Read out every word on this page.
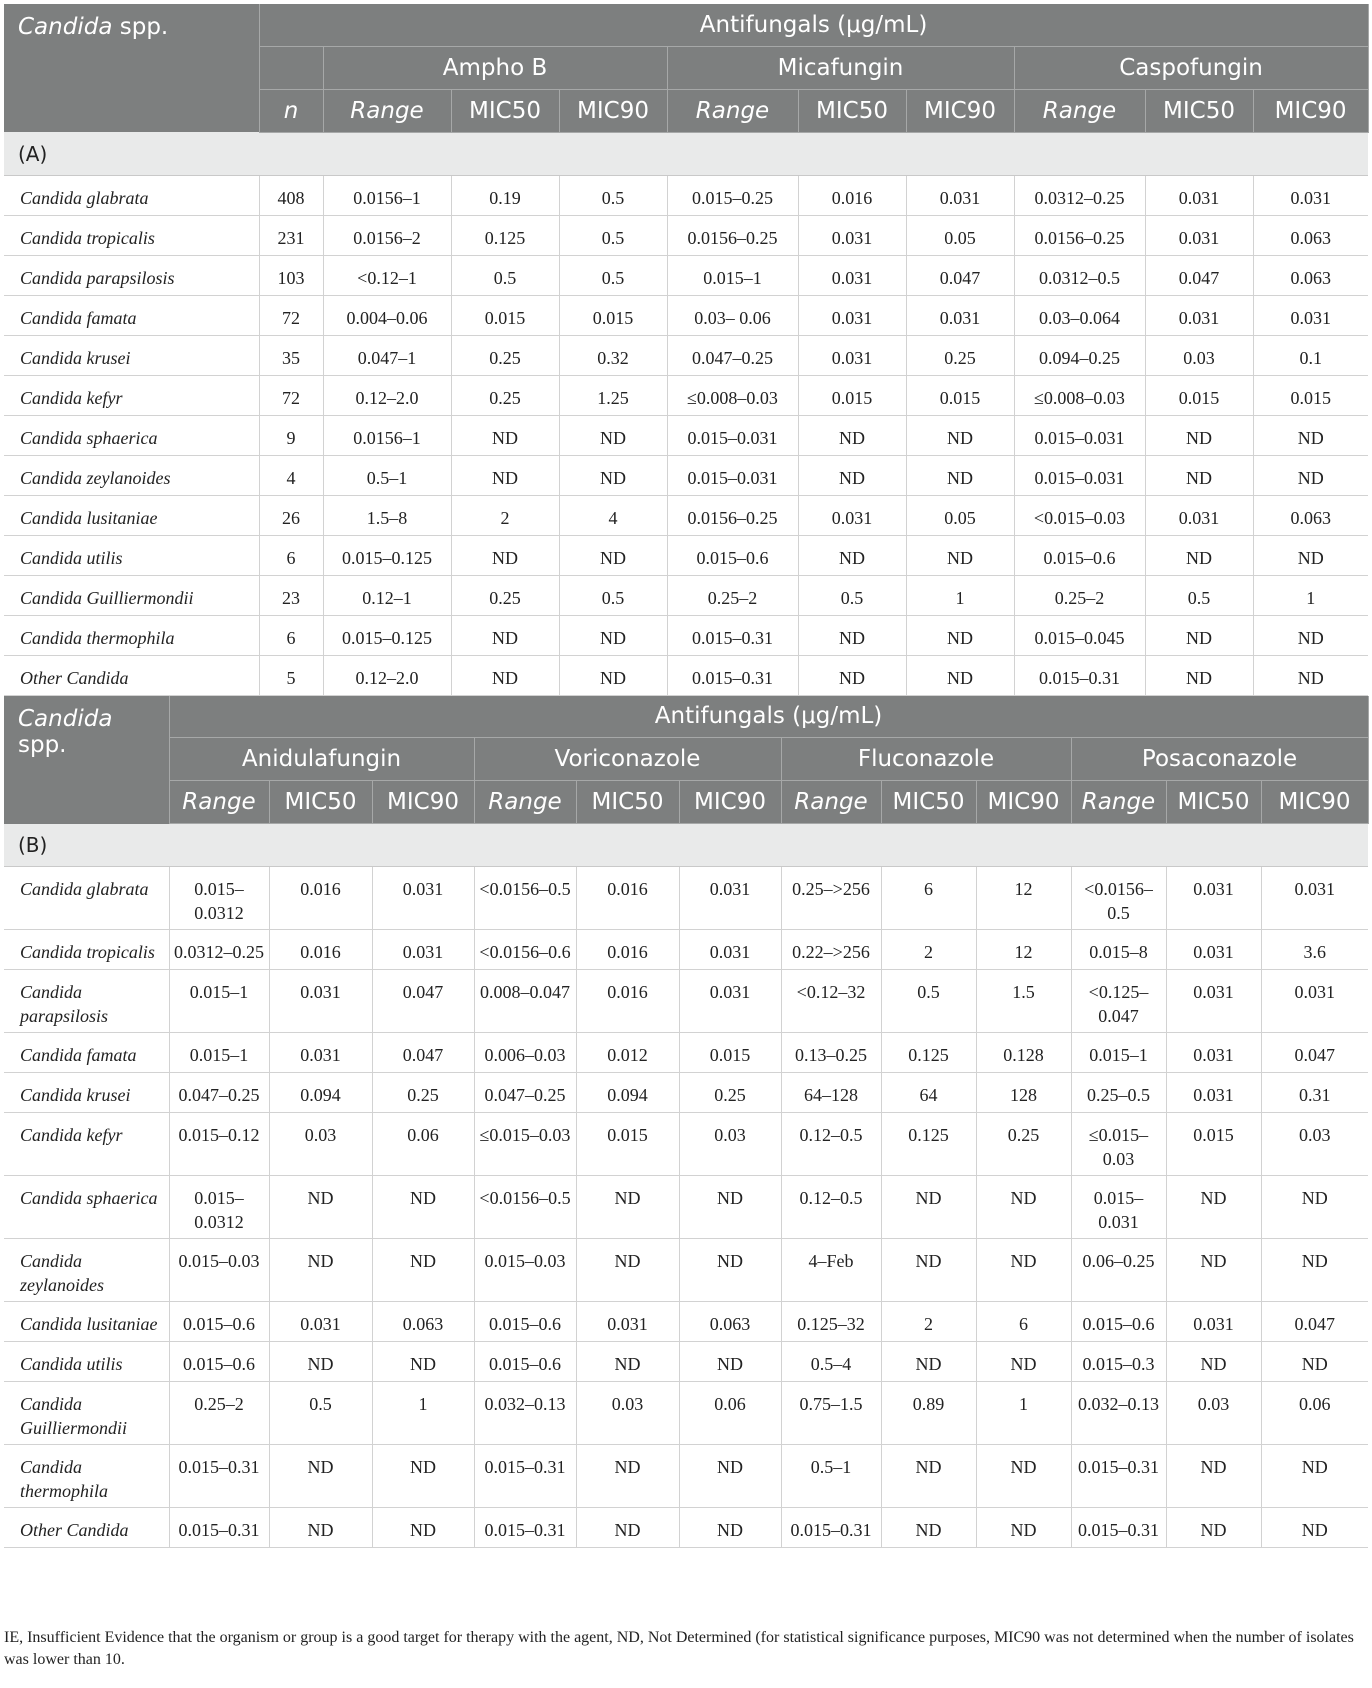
Candida spp.	Antifungals (μg/mL)									
		Ampho B			Micafungin			Caspofungin		
	n	Range	MIC50	MIC90	Range	MIC50	MIC90	Range	MIC50	MIC90
(A)										
Candida glabrata	408	0.0156–1	0.19	0.5	0.015–0.25	0.016	0.031	0.0312–0.25	0.031	0.031
Candida tropicalis	231	0.0156–2	0.125	0.5	0.0156–0.25	0.031	0.05	0.0156–0.25	0.031	0.063
Candida parapsilosis	103	<0.12–1	0.5	0.5	0.015–1	0.031	0.047	0.0312–0.5	0.047	0.063
Candida famata	72	0.004–0.06	0.015	0.015	0.03– 0.06	0.031	0.031	0.03–0.064	0.031	0.031
Candida krusei	35	0.047–1	0.25	0.32	0.047–0.25	0.031	0.25	0.094–0.25	0.03	0.1
Candida kefyr	72	0.12–2.0	0.25	1.25	≤0.008–0.03	0.015	0.015	≤0.008–0.03	0.015	0.015
Candida sphaerica	9	0.0156–1	ND	ND	0.015–0.031	ND	ND	0.015–0.031	ND	ND
Candida zeylanoides	4	0.5–1	ND	ND	0.015–0.031	ND	ND	0.015–0.031	ND	ND
Candida lusitaniae	26	1.5–8	2	4	0.0156–0.25	0.031	0.05	<0.015–0.03	0.031	0.063
Candida utilis	6	0.015–0.125	ND	ND	0.015–0.6	ND	ND	0.015–0.6	ND	ND
Candida Guilliermondii	23	0.12–1	0.25	0.5	0.25–2	0.5	1	0.25–2	0.5	1
Candida thermophila	6	0.015–0.125	ND	ND	0.015–0.31	ND	ND	0.015–0.045	ND	ND
Other Candida	5	0.12–2.0	ND	ND	0.015–0.31	ND	ND	0.015–0.31	ND	ND
Candida spp.	Antifungals (μg/mL)											
	Anidulafungin			Voriconazole			Fluconazole			Posaconazole		
	Range	MIC50	MIC90	Range	MIC50	MIC90	Range	MIC50	MIC90	Range	MIC50	MIC90
(B)												
Candida glabrata	0.015–0.0312	0.016	0.031	<0.0156–0.5	0.016	0.031	0.25–>256	6	12	<0.0156–0.5	0.031	0.031
Candida tropicalis	0.0312–0.25	0.016	0.031	<0.0156–0.6	0.016	0.031	0.22–>256	2	12	0.015–8	0.031	3.6
Candida parapsilosis	0.015–1	0.031	0.047	0.008–0.047	0.016	0.031	<0.12–32	0.5	1.5	<0.125–0.047	0.031	0.031
Candida famata	0.015–1	0.031	0.047	0.006–0.03	0.012	0.015	0.13–0.25	0.125	0.128	0.015–1	0.031	0.047
Candida krusei	0.047–0.25	0.094	0.25	0.047–0.25	0.094	0.25	64–128	64	128	0.25–0.5	0.031	0.31
Candida kefyr	0.015–0.12	0.03	0.06	≤0.015–0.03	0.015	0.03	0.12–0.5	0.125	0.25	≤0.015–0.03	0.015	0.03
Candida sphaerica	0.015–0.0312	ND	ND	<0.0156–0.5	ND	ND	0.12–0.5	ND	ND	0.015–0.031	ND	ND
Candida zeylanoides	0.015–0.03	ND	ND	0.015–0.03	ND	ND	4–Feb	ND	ND	0.06–0.25	ND	ND
Candida lusitaniae	0.015–0.6	0.031	0.063	0.015–0.6	0.031	0.063	0.125–32	2	6	0.015–0.6	0.031	0.047
Candida utilis	0.015–0.6	ND	ND	0.015–0.6	ND	ND	0.5–4	ND	ND	0.015–0.3	ND	ND
Candida Guilliermondii	0.25–2	0.5	1	0.032–0.13	0.03	0.06	0.75–1.5	0.89	1	0.032–0.13	0.03	0.06
Candida thermophila	0.015–0.31	ND	ND	0.015–0.31	ND	ND	0.5–1	ND	ND	0.015–0.31	ND	ND
Other Candida	0.015–0.31	ND	ND	0.015–0.31	ND	ND	0.015–0.31	ND	ND	0.015–0.31	ND	ND
IE, Insufficient Evidence that the organism or group is a good target for therapy with the agent, ND, Not Determined (for statistical significance purposes, MIC90 was not determined when the number of isolates was lower than 10.
